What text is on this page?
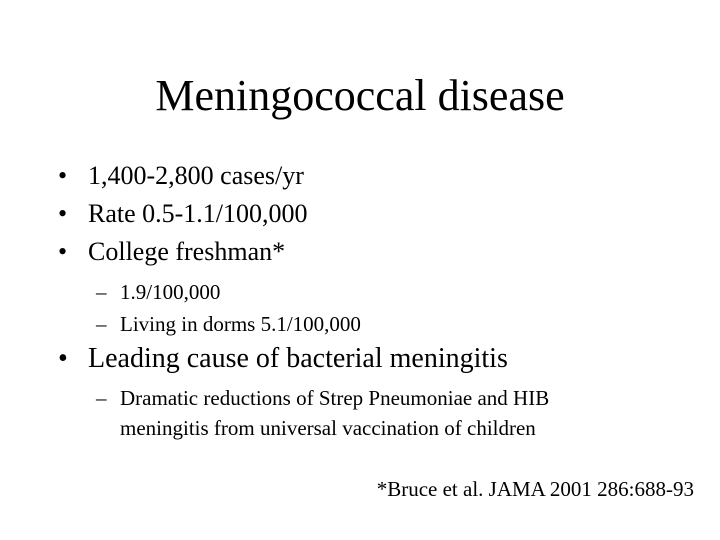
Meningococcal disease
• 1,400-2,800 cases/yr
• Rate 0.5-1.1/100,000
• College freshman*
– 1.9/100,000
– Living in dorms 5.1/100,000
• Leading cause of bacterial meningitis
– Dramatic reductions of Strep Pneumoniae and HIB
meningitis from universal vaccination of children
*Bruce et al. JAMA 2001 286:688-93
